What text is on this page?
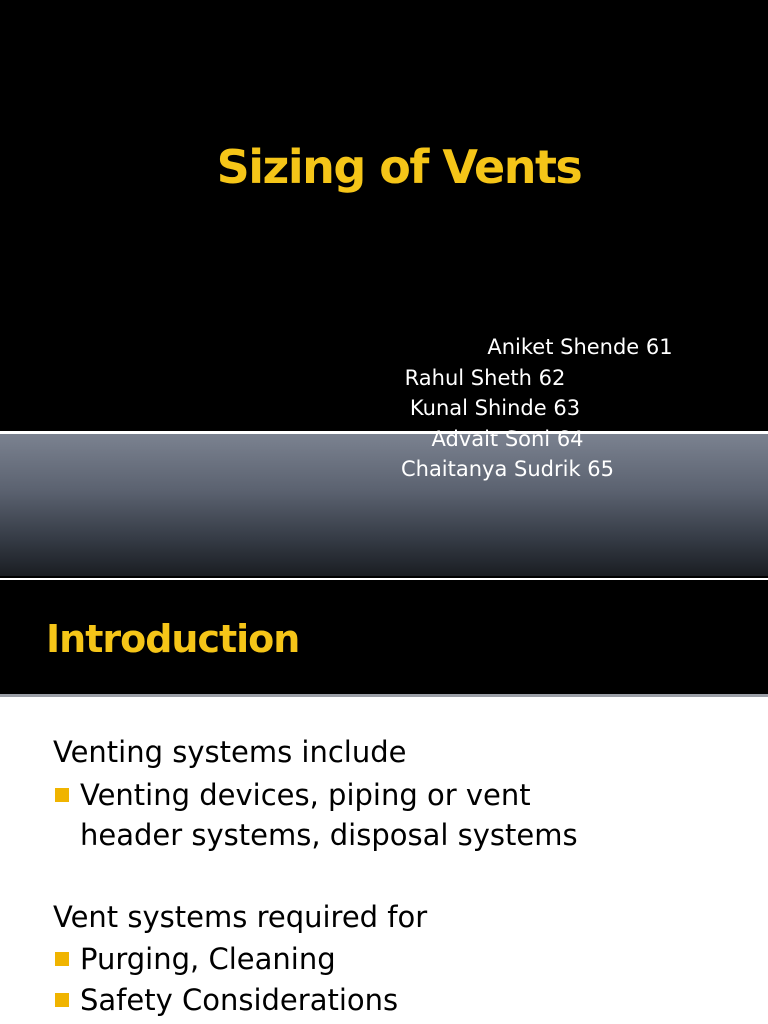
Sizing of Vents
Aniket Shende 61
Rahul Sheth 62
Kunal Shinde 63
Advait Soni 64
Chaitanya Sudrik 65
Introduction

Venting systems include

Venting devices, piping or vent
header systems, disposal systems

Vent systems required for

Purging, Cleaning
Safety Considerations
